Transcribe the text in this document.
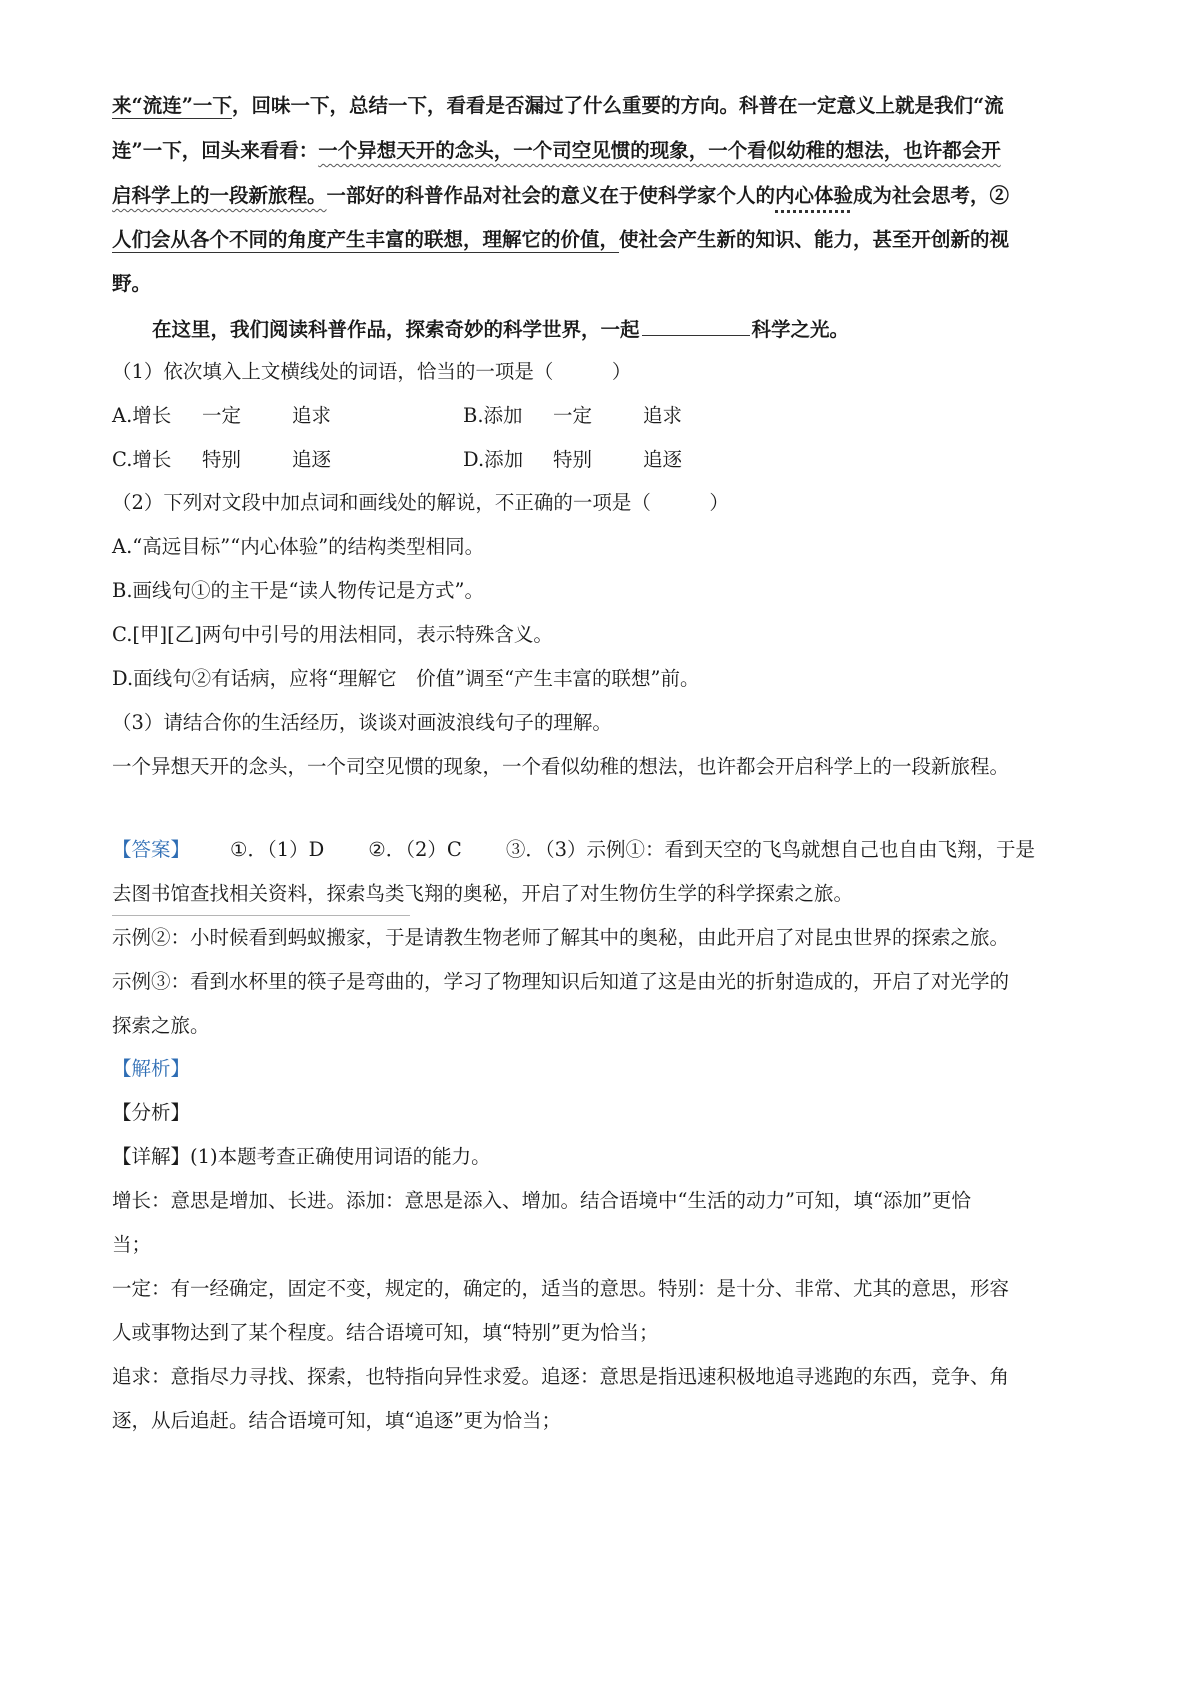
来“流连”一下，回味一下，总结一下，看看是否漏过了什么重要的方向。科普在一定意义上就是我们“流
连”一下，回头来看看：一个异想天开的念头，一个司空见惯的现象，一个看似幼稚的想法，也许都会开
启科学上的一段新旅程。一部好的科普作品对社会的意义在于使科学家个人的内心体验成为社会思考，②
人们会从各个不同的角度产生丰富的联想，理解它的价值，使社会产生新的知识、能力，甚至开创新的视
野。
在这里，我们阅读科普作品，探索奇妙的科学世界，一起	科学之光。
（1）依次填入上文横线处的词语，恰当的一项是（　　　）
A.增长 一定	追求	B.添加 一定	追求
C.增长 特别	追逐	D.添加 特别	追逐
（2）下列对文段中加点词和画线处的解说，不正确的一项是（　　　）
A.“高远目标”“内心体验”的结构类型相同。
B.画线句①的主干是“读人物传记是方式”。
C.[甲][乙]两句中引号的用法相同，表示特殊含义。
D.面线句②有话病，应将“理解它　价值”调至“产生丰富的联想”前。
（3）请结合你的生活经历，谈谈对画波浪线句子的理解。
一个异想天开的念头，一个司空见惯的现象，一个看似幼稚的想法，也许都会开启科学上的一段新旅程。
【答案】 ①．（1）D ②．（2）C ③．（3）示例①：看到天空的飞鸟就想自己也自由飞翔，于是
去图书馆查找相关资料，探索鸟类飞翔的奥秘，开启了对生物仿生学的科学探索之旅。
示例②：小时候看到蚂蚁搬家，于是请教生物老师了解其中的奥秘，由此开启了对昆虫世界的探索之旅。
示例③：看到水杯里的筷子是弯曲的，学习了物理知识后知道了这是由光的折射造成的，开启了对光学的
探索之旅。
【解析】
【分析】
【详解】(1)本题考查正确使用词语的能力。
增长：意思是增加、长进。添加：意思是添入、增加。结合语境中“生活的动力”可知，填“添加”更恰
当；
一定：有一经确定，固定不变，规定的，确定的，适当的意思。特别：是十分、非常、尤其的意思，形容
人或事物达到了某个程度。结合语境可知，填“特别”更为恰当；
追求：意指尽力寻找、探索，也特指向异性求爱。追逐：意思是指迅速积极地追寻逃跑的东西，竞争、角
逐，从后追赶。结合语境可知，填“追逐”更为恰当；
